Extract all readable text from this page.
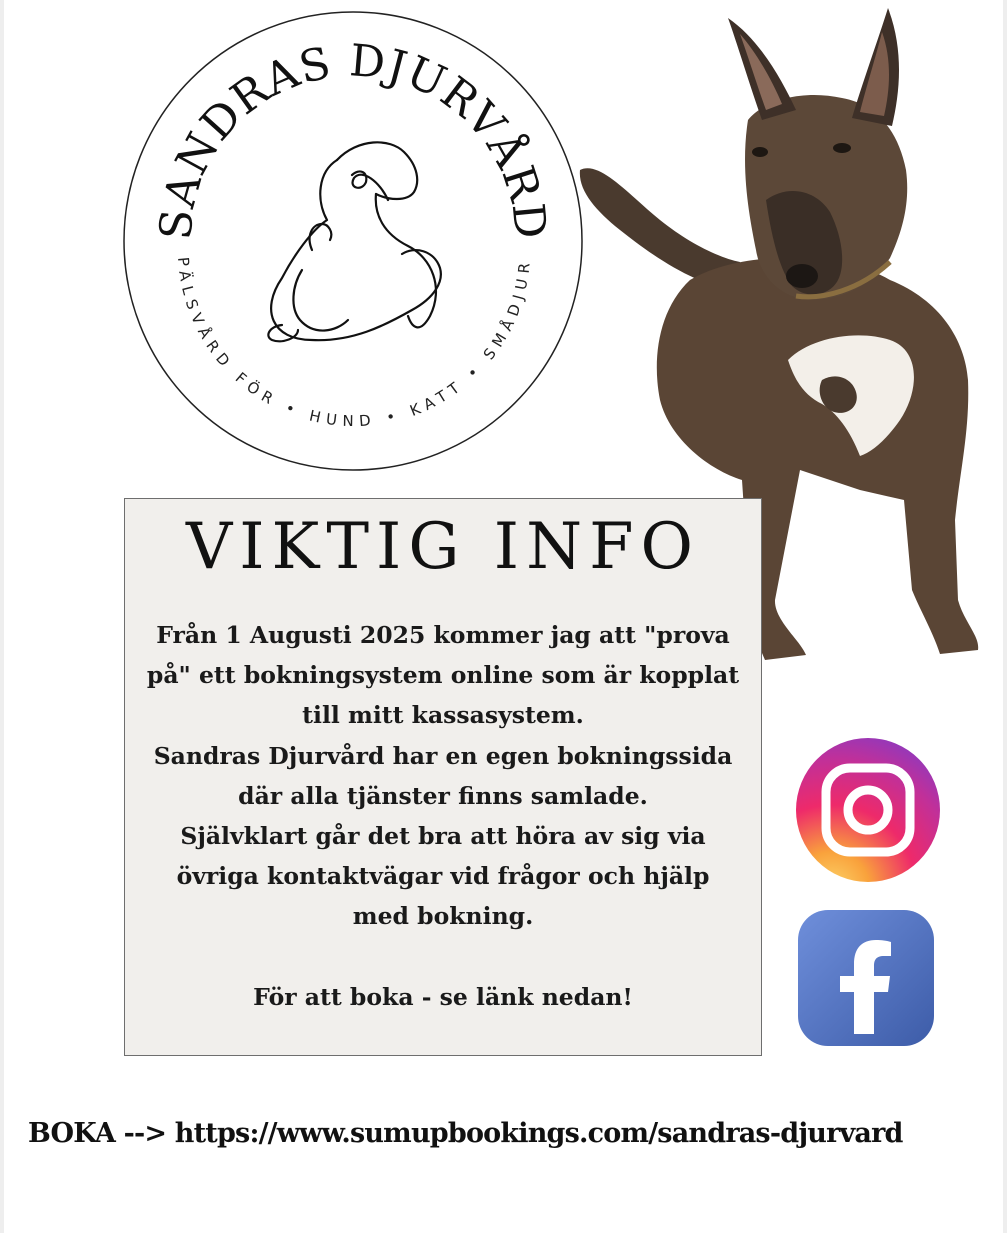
SANDRAS DJURVÅRD
PÄLSVÅRD FÖR • HUND • KATT • SMÅDJUR
VIKTIG INFO

Från 1 Augusti 2025 kommer jag att "prova på" ett bokningsystem online som är kopplat till mitt kassasystem.

Sandras Djurvård har en egen bokningssida där alla tjänster finns samlade.

Självklart går det bra att höra av sig via övriga kontaktvägar vid frågor och hjälp med bokning.

För att boka - se länk nedan!

BOKA --> https://www.sumupbookings.com/sandras-djurvard
